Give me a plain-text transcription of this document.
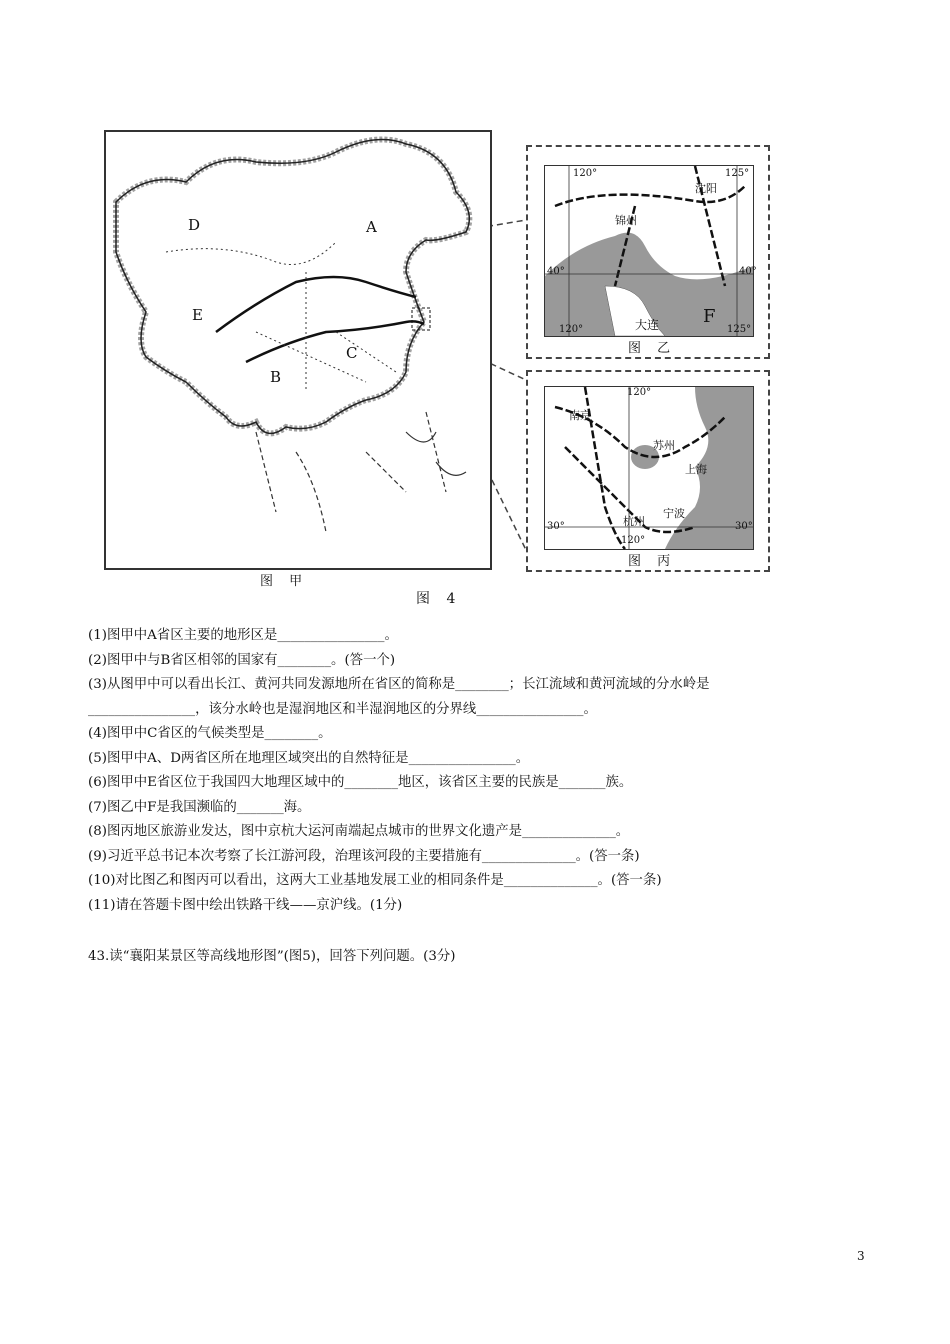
D	A
E
C
B
120°	125°
沈阳
锦州
40°	40°
大连 F
120°	125°
图 乙
120°
南京
苏州
上海
杭州
宁波
30°	30°
120°
图 丙
图 甲
图 4
(1)图甲中A省区主要的地形区是________________。
(2)图甲中与B省区相邻的国家有________。(答一个)
(3)从图甲中可以看出长江、黄河共同发源地所在省区的简称是________；长江流域和黄河流域的分水岭是
________________，该分水岭也是湿润地区和半湿润地区的分界线________________。
(4)图甲中C省区的气候类型是________。
(5)图甲中A、D两省区所在地理区域突出的自然特征是________________。
(6)图甲中E省区位于我国四大地理区域中的________地区，该省区主要的民族是_______族。
(7)图乙中F是我国濒临的_______海。
(8)图丙地区旅游业发达，图中京杭大运河南端起点城市的世界文化遗产是______________。
(9)习近平总书记本次考察了长江游河段，治理该河段的主要措施有______________。(答一条)
(10)对比图乙和图丙可以看出，这两大工业基地发展工业的相同条件是______________。(答一条)
(11)请在答题卡图中绘出铁路干线——京沪线。(1分)
43.读“襄阳某景区等高线地形图”(图5)，回答下列问题。(3分)
3
